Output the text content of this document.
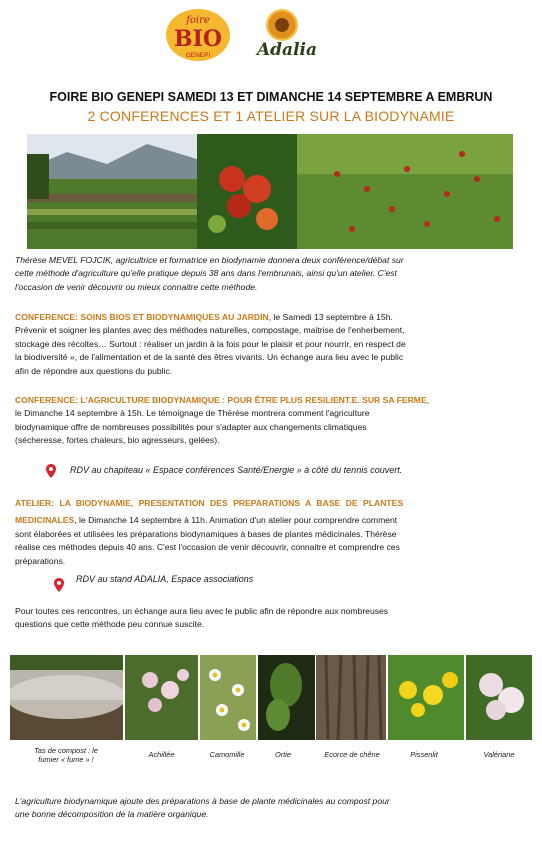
foire
BIO
GENEPI	Adalia
FOIRE BIO GENEPI SAMEDI 13 ET DIMANCHE 14 SEPTEMBRE A EMBRUN
2 CONFERENCES ET 1 ATELIER SUR LA BIODYNAMIE
Thérèse MEVEL FOJCIK, agricultrice et formatrice en biodynamie donnera deux conférence/débat sur
cette méthode d'agriculture qu'elle pratique depuis 38 ans dans l'embrunais, ainsi qu'un atelier. C'est
l'occasion de venir découvrir ou mieux connaitre cette méthode.
CONFERENCE: SOINS BIOS ET BIODYNAMIQUES AU JARDIN, le Samedi 13 septembre à 15h.
Prévenir et soigner les plantes avec des méthodes naturelles, compostage, maitrise de l'enherbement,
stockage des récoltes… Surtout : réaliser un jardin à la fois pour le plaisir et pour nourrir, en respect de
la biodiversité », de l'alimentation et de la santé des êtres vivants. Un échange aura lieu avec le public
afin de répondre aux questions du public.
CONFERENCE: L'AGRICULTURE BIODYNAMIQUE : POUR ÊTRE PLUS RESILIENT.E. SUR SA FERME,
le Dimanche 14 septembre à 15h. Le témoignage de Thérèse montrera comment l'agriculture
biodynamique offre de nombreuses possibilités pour s'adapter aux changements climatiques
(sécheresse, fortes chaleurs, bio agresseurs, gelées).
RDV au chapiteau « Espace conférences Santé/Energie » à côté du tennis couvert.
ATELIER: LA BIODYNAMIE, PRESENTATION DES PREPARATIONS A BASE DE PLANTES
MEDICINALES, le Dimanche 14 septembre à 11h. Animation d'un atelier pour comprendre comment
sont élaborées et utilisées les préparations biodynamiques à bases de plantes médicinales. Thérèse
réalise ces méthodes depuis 40 ans. C'est l'occasion de venir découvrir, connaitre et comprendre ces
préparations.
RDV au stand ADALIA, Espace associations
Pour toutes ces rencontres, un échange aura lieu avec le public afin de répondre aux nombreuses
questions que cette méthode peu connue suscite.
Tas de compost : le
fumier « fume » !
Achillée	Camomille	Ortie	Ecorce de chêne	Pissenlit	Valériane
L'agriculture biodynamique ajoute des préparations à base de plante médicinales au compost pour
une bonne décomposition de la matière organique.
